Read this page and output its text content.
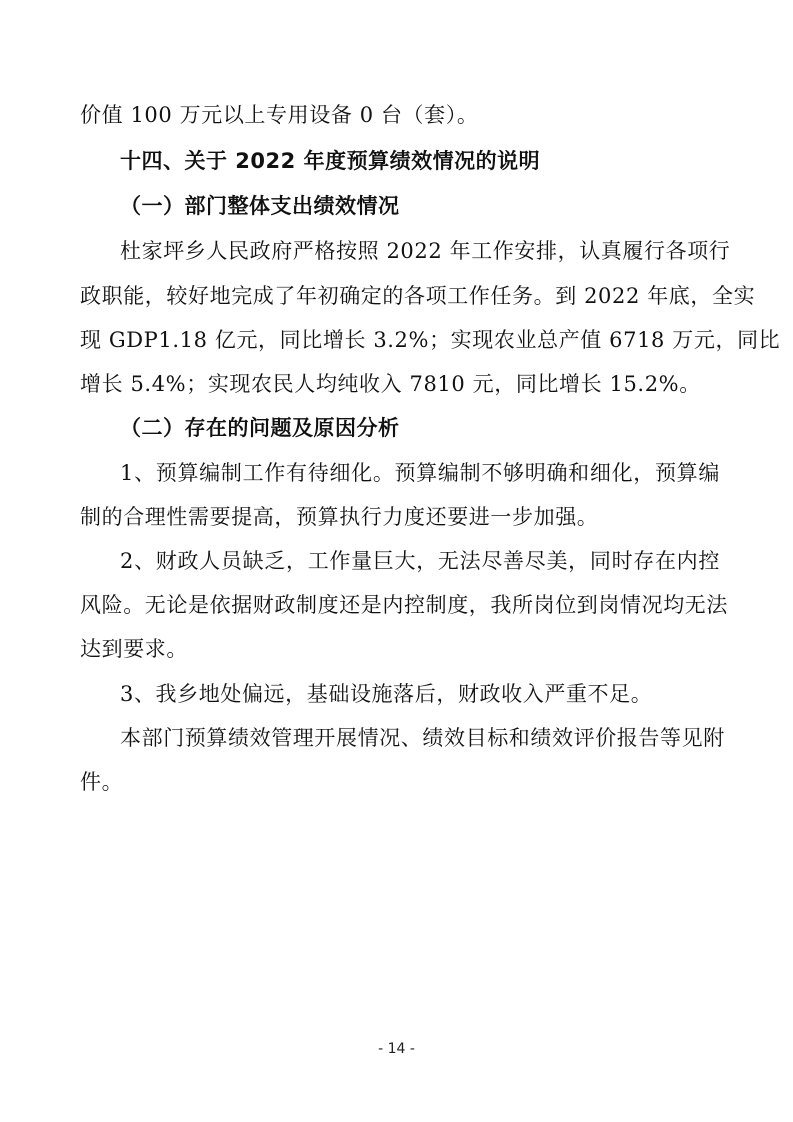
价值 100 万元以上专用设备 0 台（套）。
十四、关于 2022 年度预算绩效情况的说明
（一）部门整体支出绩效情况
杜家坪乡人民政府严格按照 2022 年工作安排，认真履行各项行
政职能，较好地完成了年初确定的各项工作任务。到 2022 年底，全实
现 GDP1.18 亿元，同比增长 3.2%；实现农业总产值 6718 万元，同比
增长 5.4%；实现农民人均纯收入 7810 元，同比增长 15.2%。
（二）存在的问题及原因分析
1、预算编制工作有待细化。预算编制不够明确和细化，预算编
制的合理性需要提高，预算执行力度还要进一步加强。
2、财政人员缺乏，工作量巨大，无法尽善尽美，同时存在内控
风险。无论是依据财政制度还是内控制度，我所岗位到岗情况均无法
达到要求。
3、我乡地处偏远，基础设施落后，财政收入严重不足。
本部门预算绩效管理开展情况、绩效目标和绩效评价报告等见附
件。
- 14 -
